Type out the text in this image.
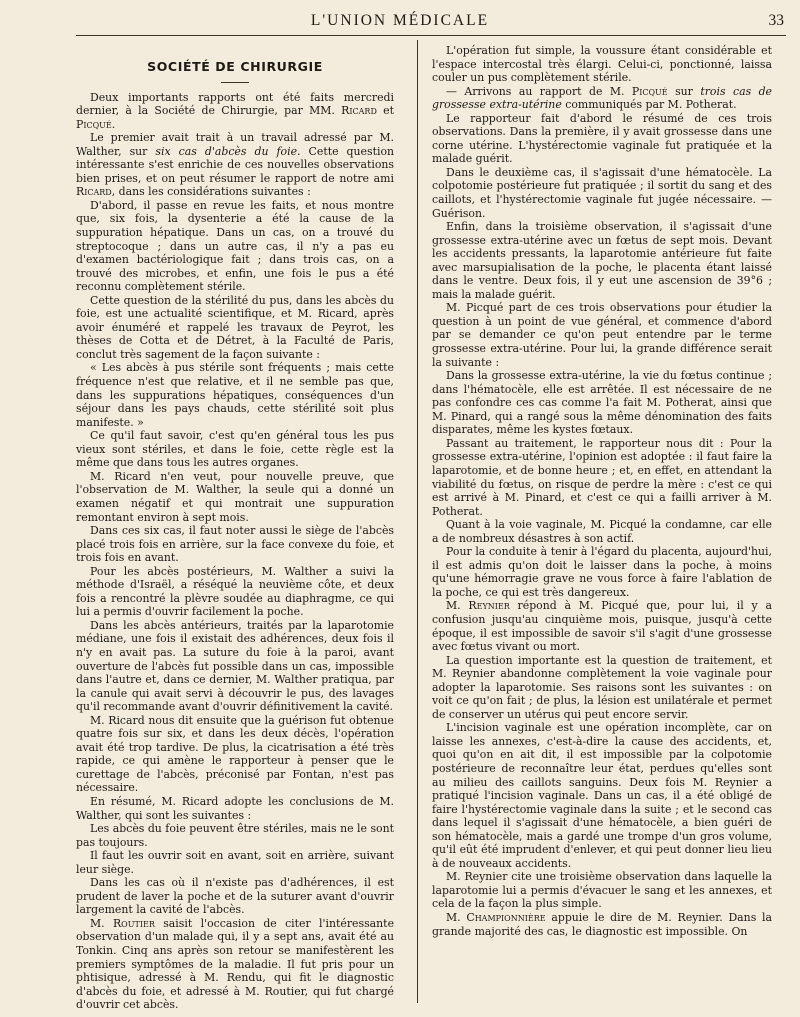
L'UNION MÉDICALE	33

SOCIÉTÉ DE CHIRURGIE

Deux importants rapports ont été faits mercredi dernier, à la Société de Chirurgie, par MM. Ricard et Picqué.

Le premier avait trait à un travail adressé par M. Walther, sur six cas d'abcès du foie. Cette question intéressante s'est enrichie de ces nouvelles observations bien prises, et on peut résumer le rapport de notre ami Ricard, dans les considérations suivantes :

D'abord, il passe en revue les faits, et nous montre que, six fois, la dysenterie a été la cause de la suppuration hépatique. Dans un cas, on a trouvé du streptocoque ; dans un autre cas, il n'y a pas eu d'examen bactériologique fait ; dans trois cas, on a trouvé des microbes, et enfin, une fois le pus a été reconnu complètement stérile.

Cette question de la stérilité du pus, dans les abcès du foie, est une actualité scientifique, et M. Ricard, après avoir énuméré et rappelé les travaux de Peyrot, les thèses de Cotta et de Détret, à la Faculté de Paris, conclut très sagement de la façon suivante :

« Les abcès à pus stérile sont fréquents ; mais cette fréquence n'est que relative, et il ne semble pas que, dans les suppurations hépatiques, conséquences d'un séjour dans les pays chauds, cette stérilité soit plus manifeste. »

Ce qu'il faut savoir, c'est qu'en général tous les pus vieux sont stériles, et dans le foie, cette règle est la même que dans tous les autres organes.

M. Ricard n'en veut, pour nouvelle preuve, que l'observation de M. Walther, la seule qui a donné un examen négatif et qui montrait une suppuration remontant environ à sept mois.

Dans ces six cas, il faut noter aussi le siège de l'abcès placé trois fois en arrière, sur la face convexe du foie, et trois fois en avant.

Pour les abcès postérieurs, M. Walther a suivi la méthode d'Israël, a réséqué la neuvième côte, et deux fois a rencontré la plèvre soudée au diaphragme, ce qui lui a permis d'ouvrir facilement la poche.

Dans les abcès antérieurs, traités par la laparotomie médiane, une fois il existait des adhérences, deux fois il n'y en avait pas. La suture du foie à la paroi, avant ouverture de l'abcès fut possible dans un cas, impossible dans l'autre et, dans ce dernier, M. Walther pratiqua, par la canule qui avait servi à découvrir le pus, des lavages qu'il recommande avant d'ouvrir définitivement la cavité.

M. Ricard nous dit ensuite que la guérison fut obtenue quatre fois sur six, et dans les deux décès, l'opération avait été trop tardive. De plus, la cicatrisation a été très rapide, ce qui amène le rapporteur à penser que le curettage de l'abcès, préconisé par Fontan, n'est pas nécessaire.

En résumé, M. Ricard adopte les conclusions de M. Walther, qui sont les suivantes :

Les abcès du foie peuvent être stériles, mais ne le sont pas toujours.

Il faut les ouvrir soit en avant, soit en arrière, suivant leur siège.

Dans les cas où il n'existe pas d'adhérences, il est prudent de laver la poche et de la suturer avant d'ouvrir largement la cavité de l'abcès.

M. Routier saisit l'occasion de citer l'intéressante observation d'un malade qui, il y a sept ans, avait été au Tonkin. Cinq ans après son retour se manifestèrent les premiers symptômes de la maladie. Il fut pris pour un phtisique, adressé à M. Rendu, qui fit le diagnostic d'abcès du foie, et adressé à M. Routier, qui fut chargé d'ouvrir cet abcès.

L'opération fut simple, la voussure étant considérable et l'espace intercostal très élargi. Celui-ci, ponctionné, laissa couler un pus complètement stérile.

— Arrivons au rapport de M. Picqué sur trois cas de grossesse extra-utérine communiqués par M. Potherat.

Le rapporteur fait d'abord le résumé de ces trois observations. Dans la première, il y avait grossesse dans une corne utérine. L'hystérectomie vaginale fut pratiquée et la malade guérit.

Dans le deuxième cas, il s'agissait d'une hématocèle. La colpotomie postérieure fut pratiquée ; il sortit du sang et des caillots, et l'hystérectomie vaginale fut jugée nécessaire. — Guérison.

Enfin, dans la troisième observation, il s'agissait d'une grossesse extra-utérine avec un fœtus de sept mois. Devant les accidents pressants, la laparotomie antérieure fut faite avec marsupialisation de la poche, le placenta étant laissé dans le ventre. Deux fois, il y eut une ascension de 39°6 ; mais la malade guérit.

M. Picqué part de ces trois observations pour étudier la question à un point de vue général, et commence d'abord par se demander ce qu'on peut entendre par le terme grossesse extra-utérine. Pour lui, la grande différence serait la suivante :

Dans la grossesse extra-utérine, la vie du fœtus continue ; dans l'hématocèle, elle est arrêtée. Il est nécessaire de ne pas confondre ces cas comme l'a fait M. Potherat, ainsi que M. Pinard, qui a rangé sous la même dénomination des faits disparates, même les kystes fœtaux.

Passant au traitement, le rapporteur nous dit : Pour la grossesse extra-utérine, l'opinion est adoptée : il faut faire la laparotomie, et de bonne heure ; et, en effet, en attendant la viabilité du fœtus, on risque de perdre la mère : c'est ce qui est arrivé à M. Pinard, et c'est ce qui a failli arriver à M. Potherat.

Quant à la voie vaginale, M. Picqué la condamne, car elle a de nombreux désastres à son actif.

Pour la conduite à tenir à l'égard du placenta, aujourd'hui, il est admis qu'on doit le laisser dans la poche, à moins qu'une hémorragie grave ne vous force à faire l'ablation de la poche, ce qui est très dangereux.

M. Reynier répond à M. Picqué que, pour lui, il y a confusion jusqu'au cinquième mois, puisque, jusqu'à cette époque, il est impossible de savoir s'il s'agit d'une grossesse avec fœtus vivant ou mort.

La question importante est la question de traitement, et M. Reynier abandonne complètement la voie vaginale pour adopter la laparotomie. Ses raisons sont les suivantes : on voit ce qu'on fait ; de plus, la lésion est unilatérale et permet de conserver un utérus qui peut encore servir.

L'incision vaginale est une opération incomplète, car on laisse les annexes, c'est-à-dire la cause des accidents, et, quoi qu'on en ait dit, il est impossible par la colpotomie postérieure de reconnaître leur état, perdues qu'elles sont au milieu des caillots sanguins. Deux fois M. Reynier a pratiqué l'incision vaginale. Dans un cas, il a été obligé de faire l'hystérectomie vaginale dans la suite ; et le second cas dans lequel il s'agissait d'une hématocèle, a bien guéri de son hématocèle, mais a gardé une trompe d'un gros volume, qu'il eût été imprudent d'enlever, et qui peut donner lieu lieu à de nouveaux accidents.

M. Reynier cite une troisième observation dans laquelle la laparotomie lui a permis d'évacuer le sang et les annexes, et cela de la façon la plus simple.

M. Championnière appuie le dire de M. Reynier. Dans la grande majorité des cas, le diagnostic est impossible. On
